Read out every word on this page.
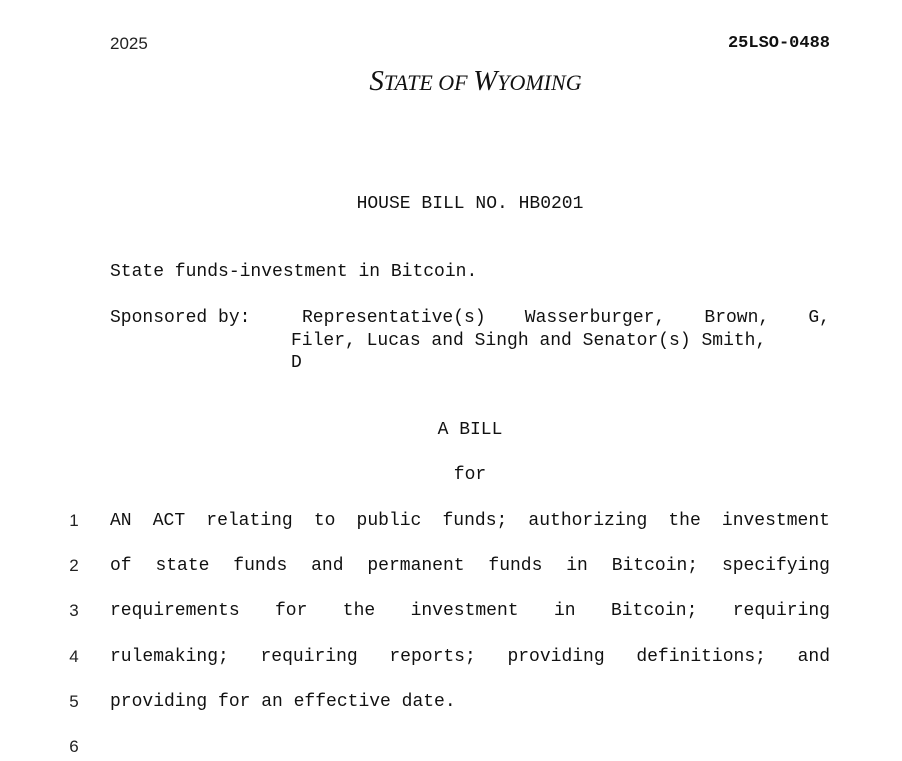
2025

STATE OF WYOMING

25LSO-0488
HOUSE BILL NO. HB0201
State funds-investment in Bitcoin.

Sponsored by:

	Representative(s) Wasserburger, Brown, G,

Filer, Lucas and Singh and Senator(s) Smith,

D

A BILL
for
1 AN ACT relating to public funds; authorizing the investment
2 of state funds and permanent funds in Bitcoin; specifying
3 requirements for the investment in Bitcoin; requiring
4 rulemaking; requiring reports; providing definitions; and
5 providing for an effective date.
6
